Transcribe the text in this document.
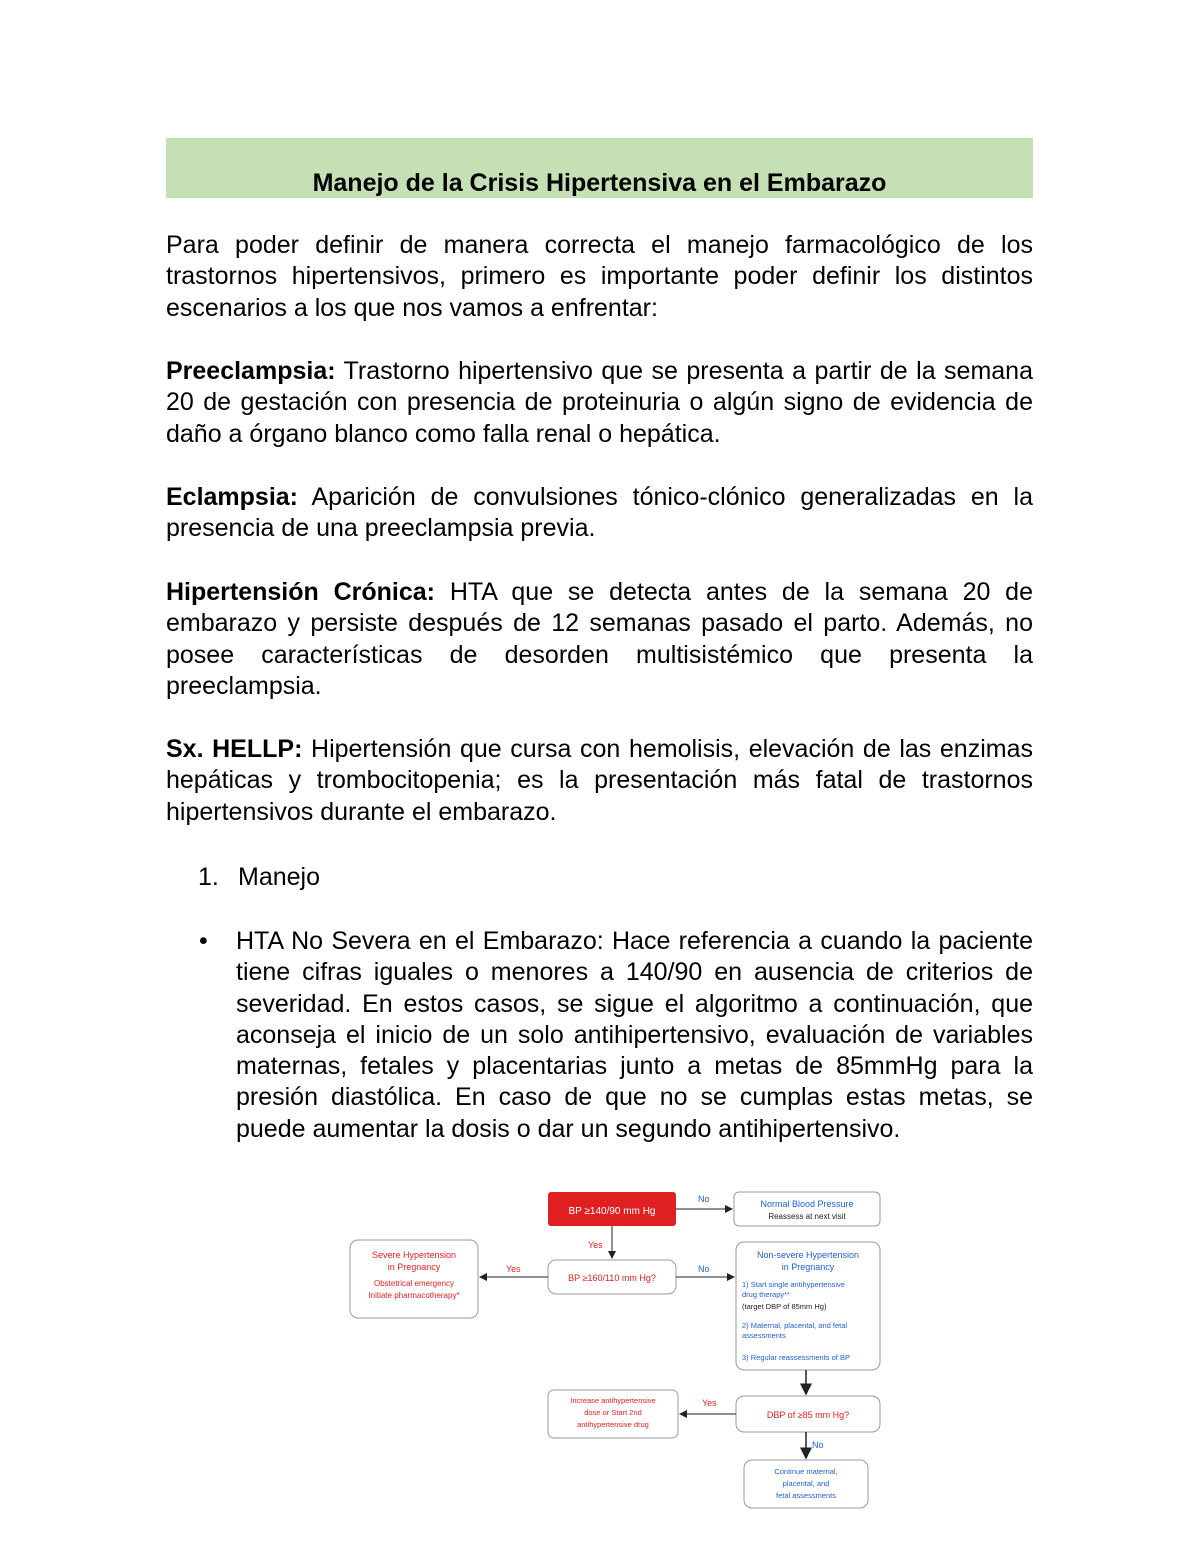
Manejo de la Crisis Hipertensiva en el Embarazo

Para poder definir de manera correcta el manejo farmacológico de los trastornos hipertensivos, primero es importante poder definir los distintos escenarios a los que nos vamos a enfrentar:

Preeclampsia: Trastorno hipertensivo que se presenta a partir de la semana 20 de gestación con presencia de proteinuria o algún signo de evidencia de daño a órgano blanco como falla renal o hepática.

Eclampsia: Aparición de convulsiones tónico-clónico generalizadas en la presencia de una preeclampsia previa.

Hipertensión Crónica: HTA que se detecta antes de la semana 20 de embarazo y persiste después de 12 semanas pasado el parto. Además, no posee características de desorden multisistémico que presenta la preeclampsia.

Sx. HELLP: Hipertensión que cursa con hemolisis, elevación de las enzimas hepáticas y trombocitopenia; es la presentación más fatal de trastornos hipertensivos durante el embarazo.

1. Manejo
• HTA No Severa en el Embarazo: Hace referencia a cuando la paciente tiene cifras iguales o menores a 140/90 en ausencia de criterios de severidad. En estos casos, se sigue el algoritmo a continuación, que aconseja el inicio de un solo antihipertensivo, evaluación de variables maternas, fetales y placentarias junto a metas de 85mmHg para la presión diastólica. En caso de que no se cumplas estas metas, se puede aumentar la dosis o dar un segundo antihipertensivo.

BP ≥140/90 mm Hg
Normal Blood Pressure
Reassess at next visit
No
Yes
BP ≥160/110 mm Hg?
Severe Hypertension
in Pregnancy
Obstetrical emergency
Initiate pharmacotherapy*
Yes
Non-severe Hypertension
in Pregnancy
1) Start single antihypertensive
drug therapy**
(target DBP of 85mm Hg)
2) Maternal, placental, and fetal
assessments
3) Regular reassessments of BP
No
DBP of ≥85 mm Hg?
Increase antihypertensive
dose or Start 2nd
antihypertensive drug
Yes
No
Continue maternal,
placental, and
fetal assessments
